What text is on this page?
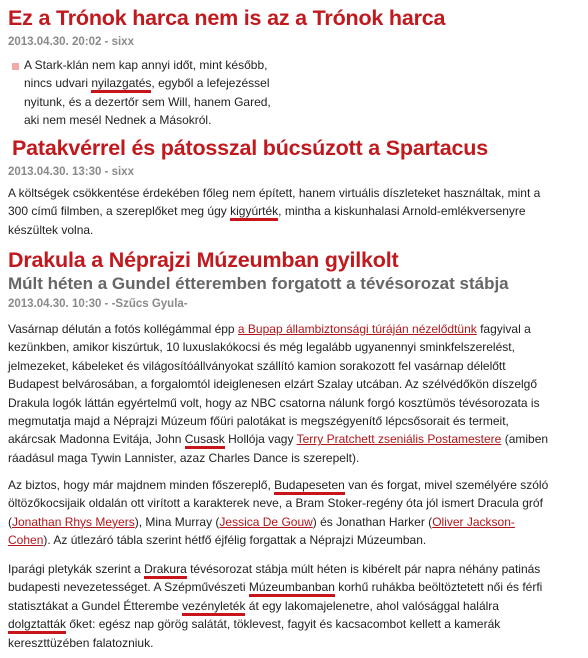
Ez a Trónok harca nem is az a Trónok harca
2013.04.30. 20:02 - sixx

A Stark-klán nem kap annyi időt, mint később,
nincs udvari nyilazgatés, egyből a lefejezéssel
nyitunk, és a dezertőr sem Will, hanem Gared,
aki nem mesél Nednek a Másokról.

Patakvérrel és pátosszal búcsúzott a Spartacus
2013.04.30. 13:30 - sixx

A költségek csökkentése érdekében főleg nem épített, hanem virtuális díszleteket használtak, mint a
300 című filmben, a szereplőket meg úgy kigyúrték, mintha a kiskunhalasi Arnold-emlékversenyre
készültek volna.

Drakula a Néprajzi Múzeumban gyilkolt
Múlt héten a Gundel étteremben forgatott a tévésorozat stábja
2013.04.30. 10:30 - -Szűcs Gyula-

Vasárnap délután a fotós kollégámmal épp a Bupap állambiztonsági túráján nézelődtünk fagyival a
kezünkben, amikor kiszúrtuk, 10 luxuslakókocsi és még legalább ugyanennyi sminkfelszerelést,
jelmezeket, kábeleket és világosítóállványokat szállító kamion sorakozott fel vasárnap délelőtt
Budapest belvárosában, a forgalomtól ideiglenesen elzárt Szalay utcában. Az szélvédőkön díszelgő
Drakula logók láttán egyértelmű volt, hogy az NBC csatorna nálunk forgó kosztümös tévésorozata is
megmutatja majd a Néprajzi Múzeum főüri palotákat is megszégyenítő lépcsősorait és termeit,
akárcsak Madonna Evitája, John Cusask Hollója vagy Terry Pratchett zseniális Postamestere (amiben
ráadásul maga Tywin Lannister, azaz Charles Dance is szerepelt).

Az biztos, hogy már majdnem minden főszereplő, Budapeseten van és forgat, mivel személyére szóló
öltözőkocsijaik oldalán ott virított a karakterek neve, a Bram Stoker-regény óta jól ismert Dracula gróf
(Jonathan Rhys Meyers), Mina Murray (Jessica De Gouw) és Jonathan Harker (Oliver Jackson-
Cohen). Az útlezáró tábla szerint hétfő éjfélig forgattak a Néprajzi Múzeumban.

Iparági pletykák szerint a Drakura tévésorozat stábja múlt héten is kibérelt pár napra néhány patinás
budapesti nevezetességet. A Szépművészeti Múzeumbanban korhű ruhákba beöltöztetett női és férfi
statisztákat a Gundel Étterembe vezényleték át egy lakomajelenetre, ahol valósággal halálra
dolgztatták őket: egész nap görög salátát, töklevest, fagyit és kacsacombot kellett a kamerák
kereszttüzében falatozniuk.
